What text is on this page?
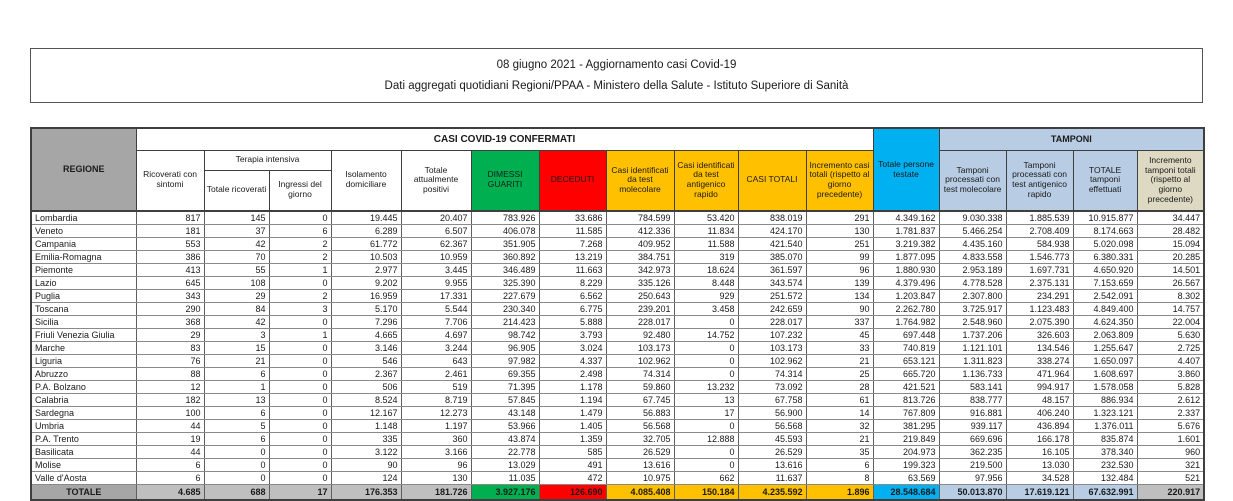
08 giugno 2021 - Aggiornamento casi Covid-19
Dati aggregati quotidiani Regioni/PPAA - Ministero della Salute - Istituto Superiore di Sanità
REGIONE	CASI COVID-19 CONFERMATI											Totale persone testate	TAMPONI			
	Ricoverati con sintomi	Terapia intensiva		Isolamento domiciliare	Totale attualmente positivi	DIMESSI GUARITI	DECEDUTI	Casi identificati da test molecolare	Casi identificati da test antigenico rapido	CASI TOTALI	Incremento casi totali (rispetto al giorno precedente)		Tamponi processati con test molecolare	Tamponi processati con test antigenico rapido	TOTALE tamponi effettuati	Incremento tamponi totali (rispetto al giorno precedente)
		Totale ricoverati	Ingressi del giorno													
Lombardia	817	145	0	19.445	20.407	783.926	33.686	784.599	53.420	838.019	291	4.349.162	9.030.338	1.885.539	10.915.877	34.447
Veneto	181	37	6	6.289	6.507	406.078	11.585	412.336	11.834	424.170	130	1.781.837	5.466.254	2.708.409	8.174.663	28.482
Campania	553	42	2	61.772	62.367	351.905	7.268	409.952	11.588	421.540	251	3.219.382	4.435.160	584.938	5.020.098	15.094
Emilia-Romagna	386	70	2	10.503	10.959	360.892	13.219	384.751	319	385.070	99	1.877.095	4.833.558	1.546.773	6.380.331	20.285
Piemonte	413	55	1	2.977	3.445	346.489	11.663	342.973	18.624	361.597	96	1.880.930	2.953.189	1.697.731	4.650.920	14.501
Lazio	645	108	0	9.202	9.955	325.390	8.229	335.126	8.448	343.574	139	4.379.496	4.778.528	2.375.131	7.153.659	26.567
Puglia	343	29	2	16.959	17.331	227.679	6.562	250.643	929	251.572	134	1.203.847	2.307.800	234.291	2.542.091	8.302
Toscana	290	84	3	5.170	5.544	230.340	6.775	239.201	3.458	242.659	90	2.262.780	3.725.917	1.123.483	4.849.400	14.757
Sicilia	368	42	0	7.296	7.706	214.423	5.888	228.017	0	228.017	337	1.764.982	2.548.960	2.075.390	4.624.350	22.004
Friuli Venezia Giulia	29	3	1	4.665	4.697	98.742	3.793	92.480	14.752	107.232	45	697.448	1.737.206	326.603	2.063.809	5.630
Marche	83	15	0	3.146	3.244	96.905	3.024	103.173	0	103.173	33	740.819	1.121.101	134.546	1.255.647	2.725
Liguria	76	21	0	546	643	97.982	4.337	102.962	0	102.962	21	653.121	1.311.823	338.274	1.650.097	4.407
Abruzzo	88	6	0	2.367	2.461	69.355	2.498	74.314	0	74.314	25	665.720	1.136.733	471.964	1.608.697	3.860
P.A. Bolzano	12	1	0	506	519	71.395	1.178	59.860	13.232	73.092	28	421.521	583.141	994.917	1.578.058	5.828
Calabria	182	13	0	8.524	8.719	57.845	1.194	67.745	13	67.758	61	813.726	838.777	48.157	886.934	2.612
Sardegna	100	6	0	12.167	12.273	43.148	1.479	56.883	17	56.900	14	767.809	916.881	406.240	1.323.121	2.337
Umbria	44	5	0	1.148	1.197	53.966	1.405	56.568	0	56.568	32	381.295	939.117	436.894	1.376.011	5.676
P.A. Trento	19	6	0	335	360	43.874	1.359	32.705	12.888	45.593	21	219.849	669.696	166.178	835.874	1.601
Basilicata	44	0	0	3.122	3.166	22.778	585	26.529	0	26.529	35	204.973	362.235	16.105	378.340	960
Molise	6	0	0	90	96	13.029	491	13.616	0	13.616	6	199.323	219.500	13.030	232.530	321
Valle d'Aosta	6	0	0	124	130	11.035	472	10.975	662	11.637	8	63.569	97.956	34.528	132.484	521
TOTALE	4.685	688	17	176.353	181.726	3.927.176	126.690	4.085.408	150.184	4.235.592	1.896	28.548.684	50.013.870	17.619.121	67.632.991	220.917
